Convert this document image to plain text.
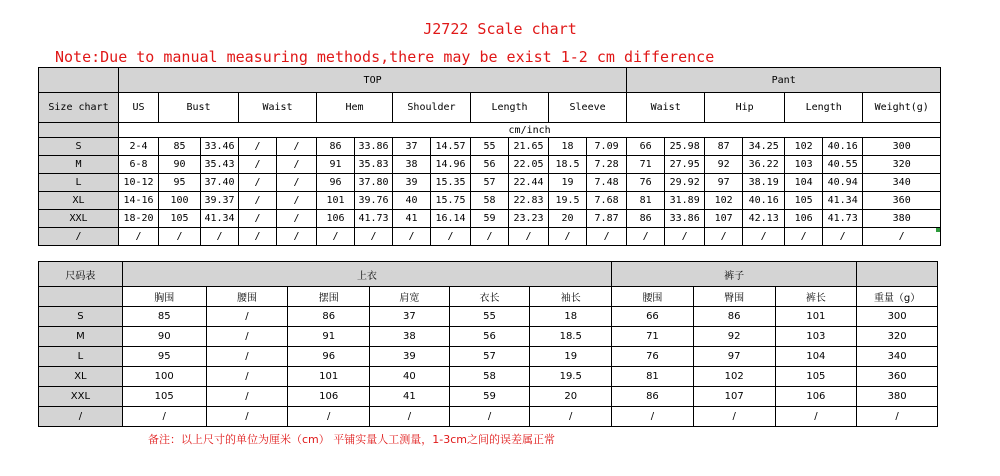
J2722 Scale chart
Note:Due to manual measuring methods,there may be exist 1-2 cm difference
	TOP													Pant						
Size chart	US	Bust		Waist		Hem		Shoulder		Length		Sleeve		Waist		Hip		Length		Weight(g)
	cm/inch																			
S	2-4	85	33.46	/	/	86	33.86	37	14.57	55	21.65	18	7.09	66	25.98	87	34.25	102	40.16	300
M	6-8	90	35.43	/	/	91	35.83	38	14.96	56	22.05	18.5	7.28	71	27.95	92	36.22	103	40.55	320
L	10-12	95	37.40	/	/	96	37.80	39	15.35	57	22.44	19	7.48	76	29.92	97	38.19	104	40.94	340
XL	14-16	100	39.37	/	/	101	39.76	40	15.75	58	22.83	19.5	7.68	81	31.89	102	40.16	105	41.34	360
XXL	18-20	105	41.34	/	/	106	41.73	41	16.14	59	23.23	20	7.87	86	33.86	107	42.13	106	41.73	380
/	/	/	/	/	/	/	/	/	/	/	/	/	/	/	/	/	/	/	/	/
尺码表	上衣						裤子			
	胸围	腰围	摆围	肩宽	衣长	袖长	腰围	臀围	裤长	重量（g）
S	85	/	86	37	55	18	66	86	101	300
M	90	/	91	38	56	18.5	71	92	103	320
L	95	/	96	39	57	19	76	97	104	340
XL	100	/	101	40	58	19.5	81	102	105	360
XXL	105	/	106	41	59	20	86	107	106	380
/	/	/	/	/	/	/	/	/	/	/
备注：以上尺寸的单位为厘米（cm） 平铺实量人工测量，1-3cm之间的误差属正常
